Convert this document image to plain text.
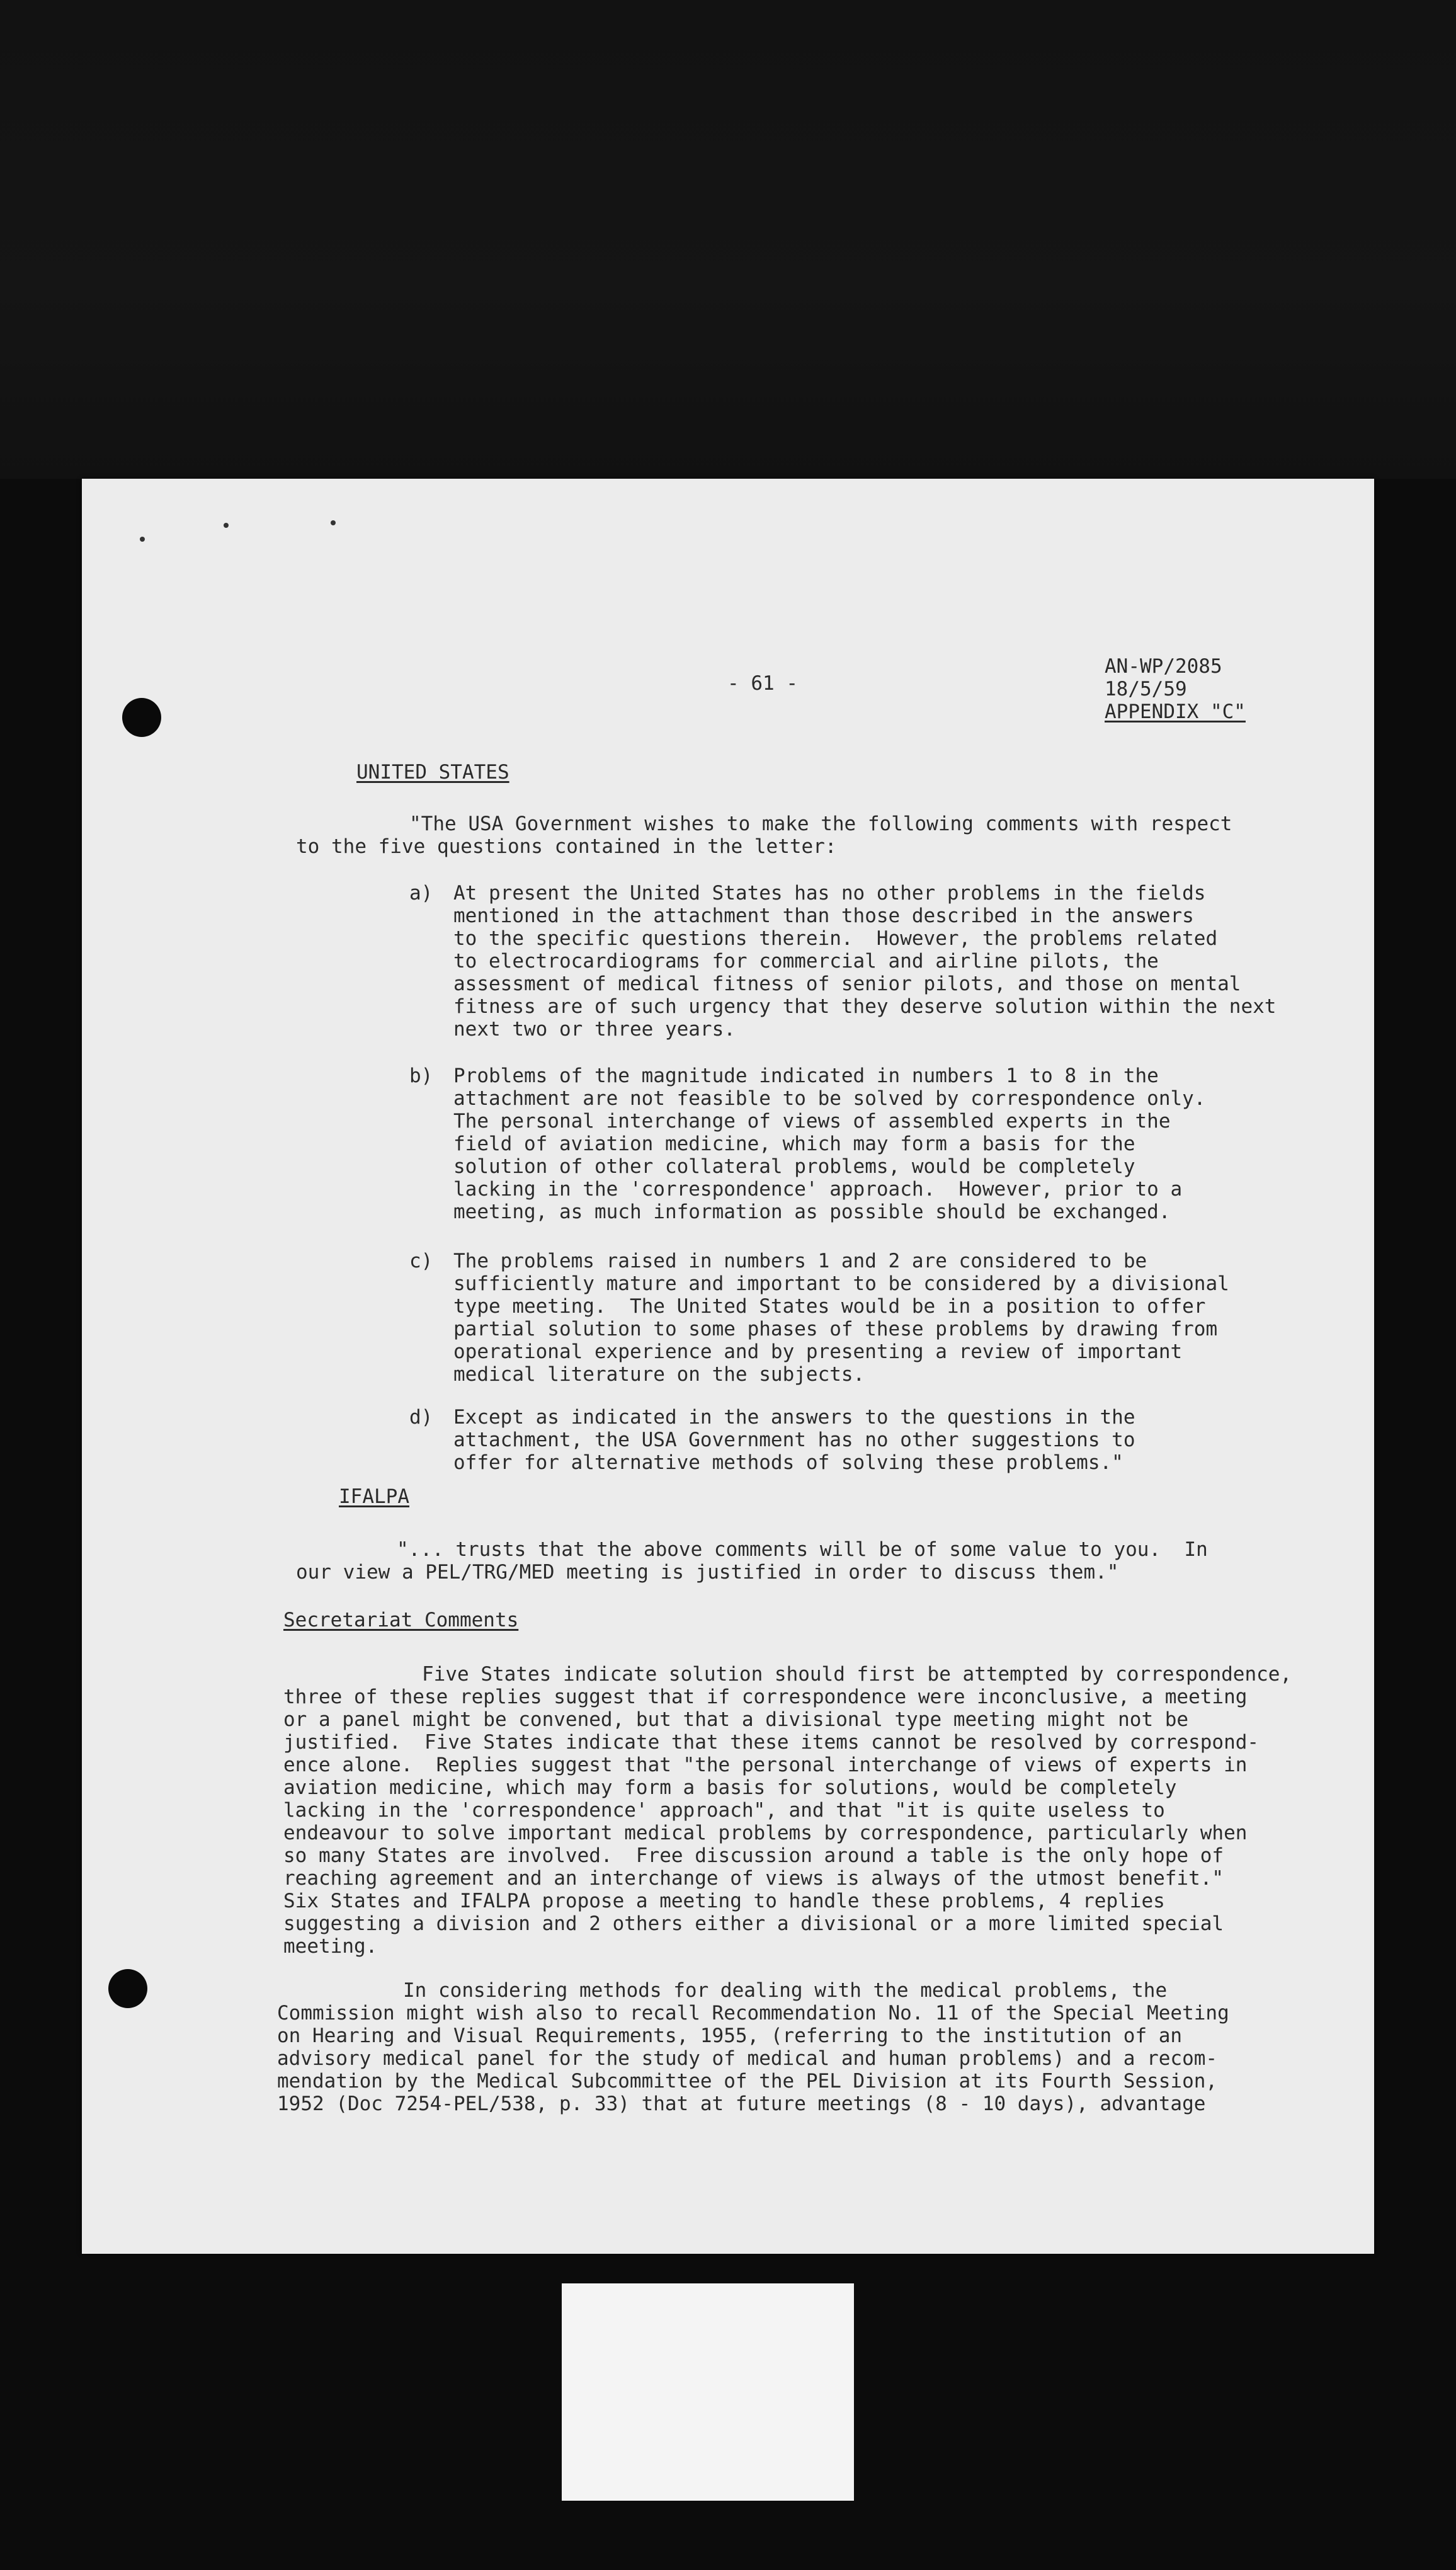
- 61 -
AN-WP/2085
18/5/59
APPENDIX "C"
UNITED STATES
"The USA Government wishes to make the following comments with respect
to the five questions contained in the letter:
a) At present the United States has no other problems in the fields
mentioned in the attachment than those described in the answers
to the specific questions therein.  However, the problems related
to electrocardiograms for commercial and airline pilots, the
assessment of medical fitness of senior pilots, and those on mental
fitness are of such urgency that they deserve solution within the next
next two or three years.
b) Problems of the magnitude indicated in numbers 1 to 8 in the
attachment are not feasible to be solved by correspondence only.
The personal interchange of views of assembled experts in the
field of aviation medicine, which may form a basis for the
solution of other collateral problems, would be completely
lacking in the 'correspondence' approach.  However, prior to a
meeting, as much information as possible should be exchanged.
c) The problems raised in numbers 1 and 2 are considered to be
sufficiently mature and important to be considered by a divisional
type meeting.  The United States would be in a position to offer
partial solution to some phases of these problems by drawing from
operational experience and by presenting a review of important
medical literature on the subjects.
d) Except as indicated in the answers to the questions in the
attachment, the USA Government has no other suggestions to
offer for alternative methods of solving these problems."
IFALPA
"... trusts that the above comments will be of some value to you.  In
our view a PEL/TRG/MED meeting is justified in order to discuss them."
Secretariat Comments
Five States indicate solution should first be attempted by correspondence,
three of these replies suggest that if correspondence were inconclusive, a meeting
or a panel might be convened, but that a divisional type meeting might not be
justified.  Five States indicate that these items cannot be resolved by correspond-
ence alone.  Replies suggest that "the personal interchange of views of experts in
aviation medicine, which may form a basis for solutions, would be completely
lacking in the 'correspondence' approach", and that "it is quite useless to
endeavour to solve important medical problems by correspondence, particularly when
so many States are involved.  Free discussion around a table is the only hope of
reaching agreement and an interchange of views is always of the utmost benefit."
Six States and IFALPA propose a meeting to handle these problems, 4 replies
suggesting a division and 2 others either a divisional or a more limited special
meeting.
In considering methods for dealing with the medical problems, the
Commission might wish also to recall Recommendation No. 11 of the Special Meeting
on Hearing and Visual Requirements, 1955, (referring to the institution of an
advisory medical panel for the study of medical and human problems) and a recom-
mendation by the Medical Subcommittee of the PEL Division at its Fourth Session,
1952 (Doc 7254-PEL/538, p. 33) that at future meetings (8 - 10 days), advantage
